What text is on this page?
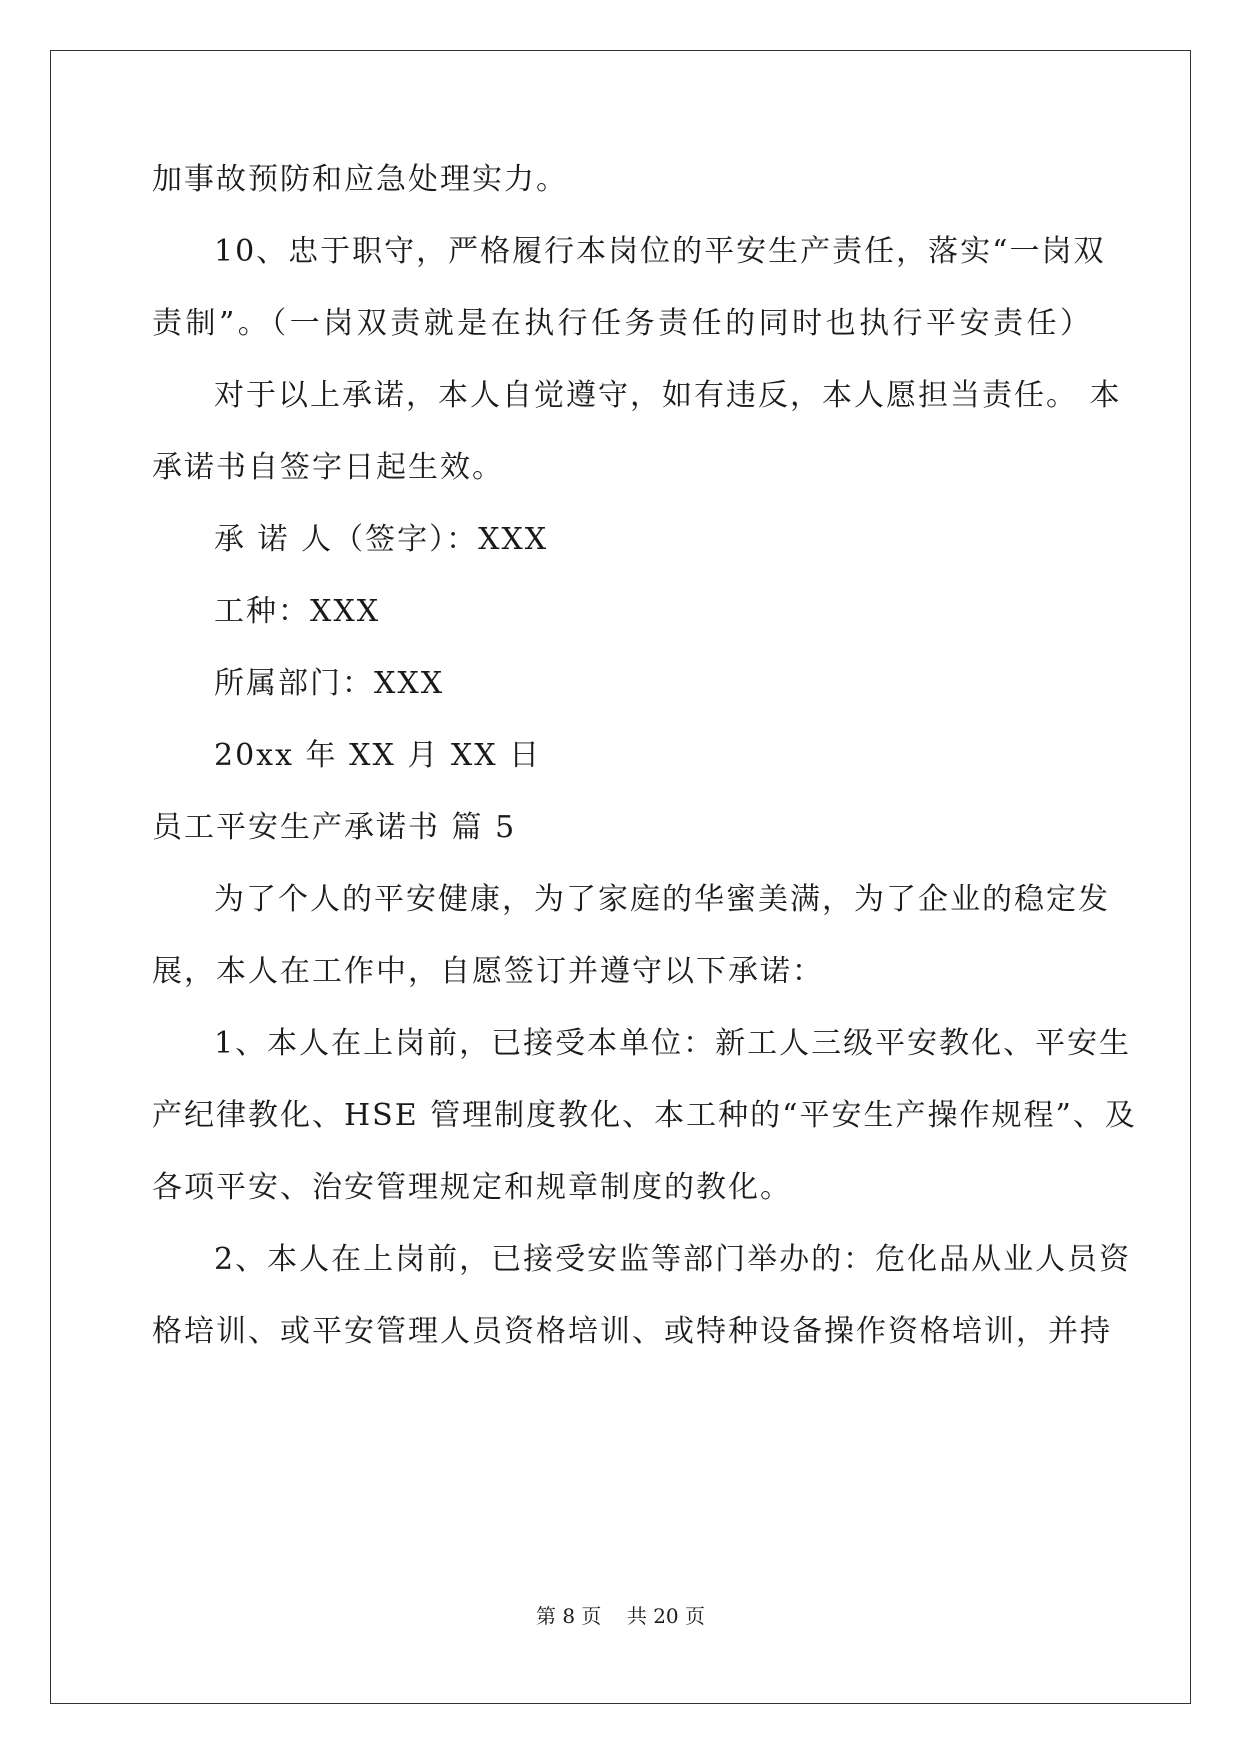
加事故预防和应急处理实力。
10、忠于职守，严格履行本岗位的平安生产责任，落实“一岗双
责制”。（一岗双责就是在执行任务责任的同时也执行平安责任）
对于以上承诺，本人自觉遵守，如有违反，本人愿担当责任。 本
承诺书自签字日起生效。
承 诺 人（签字）：XXX
工种：XXX
所属部门：XXX
20xx 年 XX 月 XX 日
员工平安生产承诺书 篇 5
为了个人的平安健康，为了家庭的华蜜美满，为了企业的稳定发
展，本人在工作中，自愿签订并遵守以下承诺：
1、本人在上岗前，已接受本单位：新工人三级平安教化、平安生
产纪律教化、HSE 管理制度教化、本工种的“平安生产操作规程”、及
各项平安、治安管理规定和规章制度的教化。
2、本人在上岗前，已接受安监等部门举办的：危化品从业人员资
格培训、或平安管理人员资格培训、或特种设备操作资格培训，并持
第 8 页    共 20 页
